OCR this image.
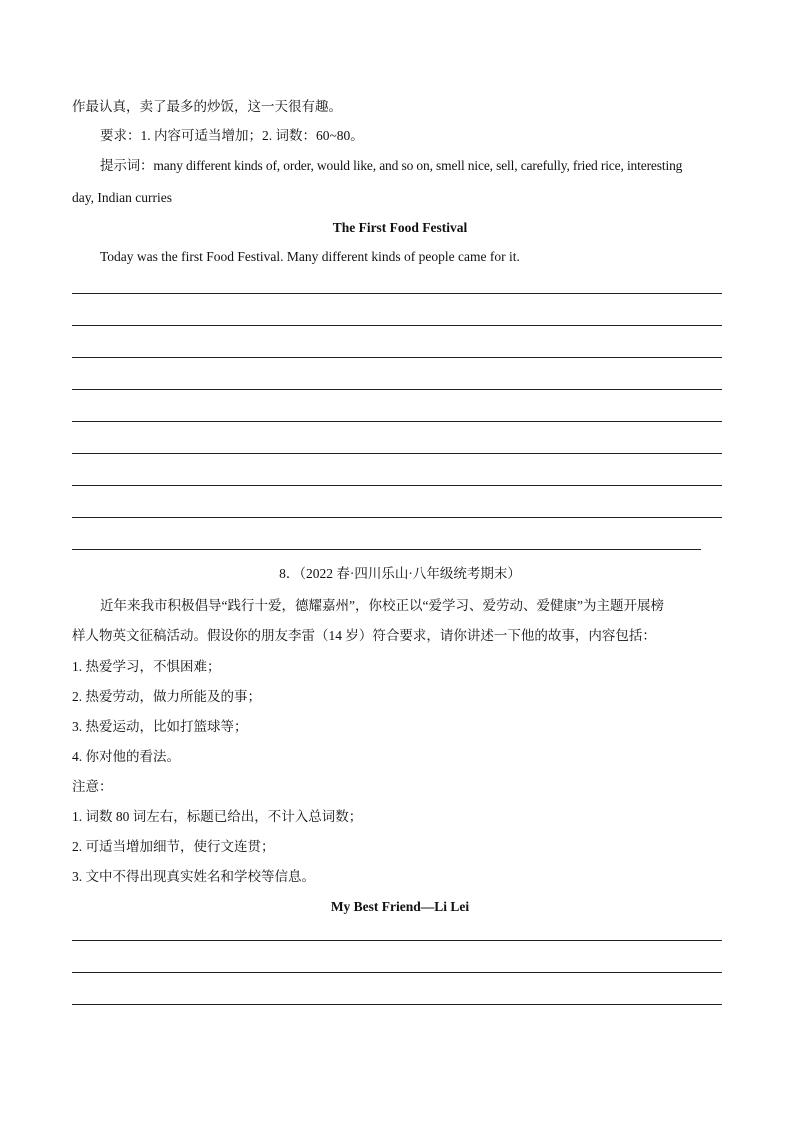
作最认真，卖了最多的炒饭，这一天很有趣。
要求：1. 内容可适当增加；2. 词数：60~80。
提示词：many different kinds of, order, would like, and so on, smell nice, sell, carefully, fried rice, interesting
day, Indian curries
The First Food Festival
Today was the first Food Festival. Many different kinds of people came for it.
8．（2022 春·四川乐山·八年级统考期末）
近年来我市积极倡导“践行十爱，德耀嘉州”，你校正以“爱学习、爱劳动、爱健康”为主题开展榜
样人物英文征稿活动。假设你的朋友李雷（14 岁）符合要求，请你讲述一下他的故事，内容包括：
1. 热爱学习，不惧困难；
2. 热爱劳动，做力所能及的事；
3. 热爱运动，比如打篮球等；
4. 你对他的看法。
注意：
1. 词数 80 词左右，标题已给出，不计入总词数；
2. 可适当增加细节，使行文连贯；
3. 文中不得出现真实姓名和学校等信息。
My Best Friend—Li Lei
